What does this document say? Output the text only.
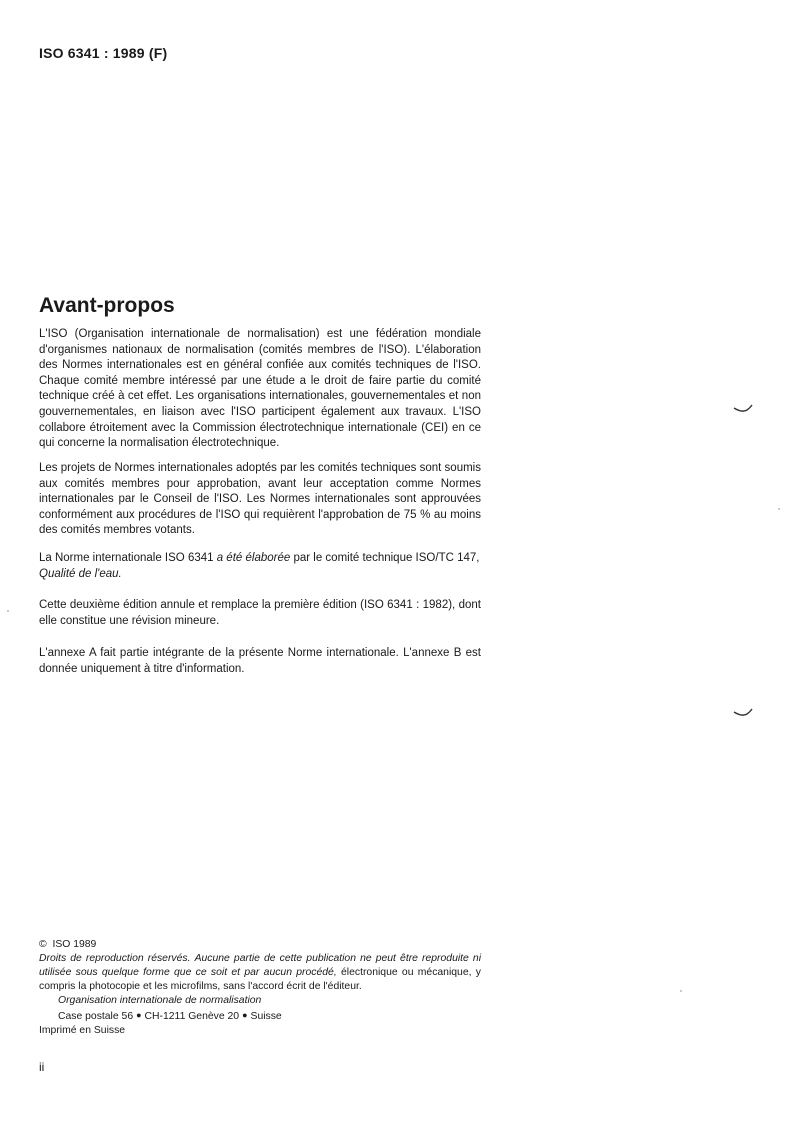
ISO 6341 : 1989 (F)
Avant-propos

L'ISO (Organisation internationale de normalisation) est une fédération mondiale d'organismes nationaux de normalisation (comités membres de l'ISO). L'élaboration des Normes internationales est en général confiée aux comités techniques de l'ISO. Chaque comité membre intéressé par une étude a le droit de faire partie du comité technique créé à cet effet. Les organisations internationales, gouvernementales et non gouvernementales, en liaison avec l'ISO participent également aux travaux. L'ISO collabore étroitement avec la Commission électrotechnique internationale (CEI) en ce qui concerne la normalisation électrotechnique.

Les projets de Normes internationales adoptés par les comités techniques sont soumis aux comités membres pour approbation, avant leur acceptation comme Normes internationales par le Conseil de l'ISO. Les Normes internationales sont approuvées conformément aux procédures de l'ISO qui requièrent l'approbation de 75 % au moins des comités membres votants.

La Norme internationale ISO 6341 a été élaborée par le comité technique ISO/TC 147,
Qualité de l'eau.

Cette deuxième édition annule et remplace la première édition (ISO 6341 : 1982), dont elle constitue une révision mineure.

L'annexe A fait partie intégrante de la présente Norme internationale. L'annexe B est donnée uniquement à titre d'information.

© ISO 1989

Droits de reproduction réservés. Aucune partie de cette publication ne peut être reproduite ni utilisée sous quelque forme que ce soit et par aucun procédé, électronique ou mécanique, y compris la photocopie et les microfilms, sans l'accord écrit de l'éditeur.

Organisation internationale de normalisation

Case postale 56 ● CH-1211 Genève 20 ● Suisse

Imprimé en Suisse

ii
